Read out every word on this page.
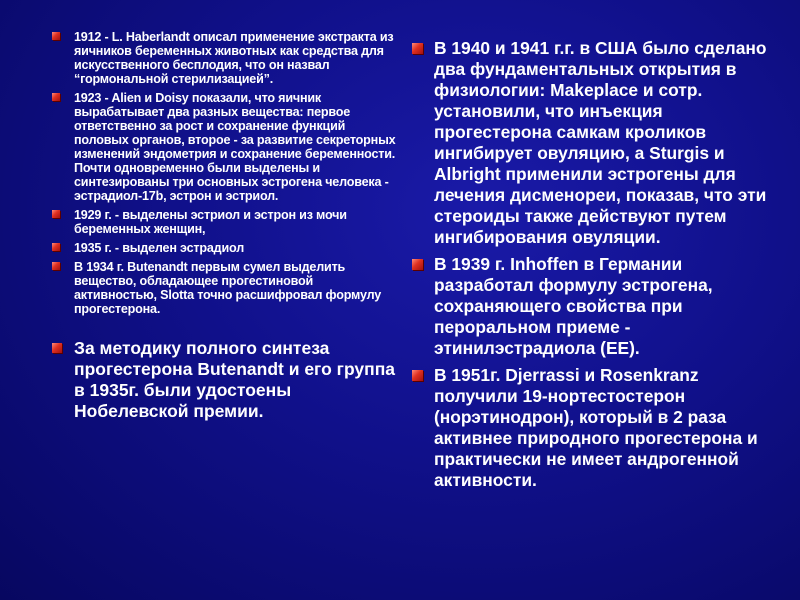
1912 - L. Haberlandt описал применение экстракта из яичников беременных животных как средства для искусственного бесплодия, что он назвал “гормональной стерилизацией”.
1923 - Alien и Doisy показали, что яичник вырабатывает два разных вещества: первое ответственно за рост и сохранение функций половых органов, второе - за развитие секреторных изменений эндометрия и сохранение беременности. Почти одновременно были выделены и синтезированы три основных эстрогена человека - эстрадиол-17b, эстрон и эстриол.
1929 г. - выделены эстриол и эстрон из мочи беременных женщин,
1935 г. - выделен эстрадиол
В 1934 г. Butenandt первым сумел выделить вещество, обладающее прогестиновой активностью, Slotta точно расшифровал формулу прогестерона.
За методику полного синтеза прогестерона Butenandt и его группа в 1935г. были удостоены Нобелевской премии.
В 1940 и 1941 г.г. в США было сделано два фундаментальных открытия в физиологии: Makeplace и сотр. установили, что инъекция прогестерона самкам кроликов ингибирует овуляцию, а Sturgis и Albright применили эстрогены для лечения дисменореи, показав, что эти стероиды также действуют путем ингибирования овуляции.
В 1939 г. Inhoffen в Германии разработал формулу эстрогена, сохраняющего свойства при пероральном приеме - этинилэстрадиола (ЕЕ).
В 1951г. Djerrassi и Rosenkranz получили 19-нортестостерон (норэтинодрон), который в 2 раза активнее природного прогестерона и практически не имеет андрогенной активности.
